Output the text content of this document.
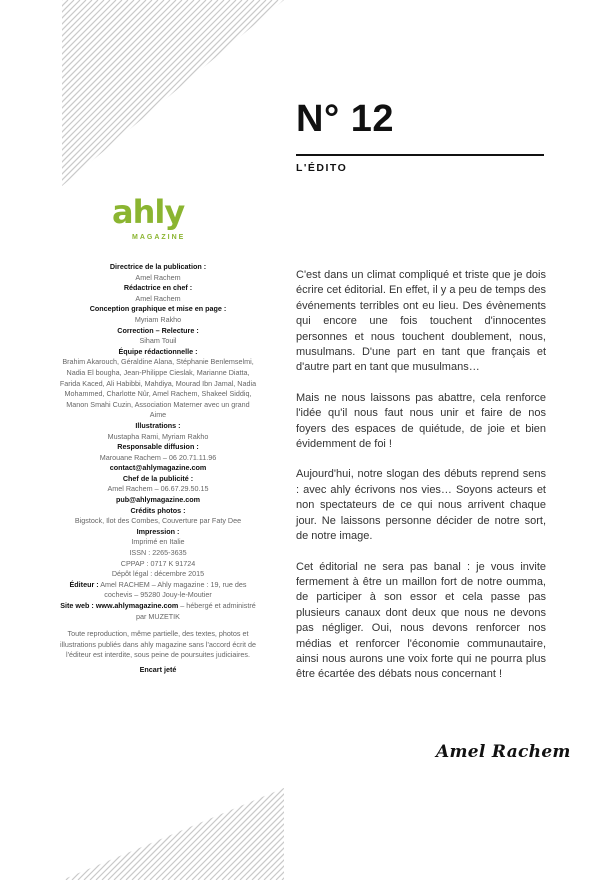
N° 12
L'ÉDITO
ahly
MAGAZINE
Directrice de la publication :
Amel Rachem
Rédactrice en chef :
Amel Rachem
Conception graphique et mise en page :
Myriam Rakho
Correction – Relecture :
Siham Touil
Équipe rédactionnelle :
Brahim Akarouch, Géraldine Alana, Stéphanie Benlemselmi, Nadia El bougha, Jean-Philippe Cieslak, Marianne Diatta, Farida Kaced, Ali Habibbi, Mahdiya, Mourad Ibn Jamal, Nadia Mohammed, Charlotte Nûr, Amel Rachem, Shakeel Siddiq, Manon Smahi Cuzin, Association Materner avec un grand Aime
Illustrations :
Mustapha Rami, Myriam Rakho
Responsable diffusion :
Marouane Rachem – 06 20.71.11.96
contact@ahlymagazine.com
Chef de la publicité :
Amel Rachem – 06.67.29.50.15
pub@ahlymagazine.com
Crédits photos :
Bigstock, Ilot des Combes, Couverture par Faty Dee
Impression :
Imprimé en Italie
ISSN : 2265-3635
CPPAP : 0717 K 91724
Dépôt légal : décembre 2015
Éditeur : Amel RACHEM – Ahly magazine : 19, rue des cochevis – 95280 Jouy-le-Moutier
Site web : www.ahlymagazine.com – hébergé et administré par MUZETIK
Toute reproduction, même partielle, des textes, photos et illustrations publiés dans ahly magazine sans l'accord écrit de l'éditeur est interdite, sous peine de poursuites judiciaires.
Encart jeté

C'est dans un climat compliqué et triste que je dois écrire cet éditorial. En effet, il y a peu de temps des événements terribles ont eu lieu. Des évènements qui encore une fois touchent d'innocentes personnes et nous touchent doublement, nous, musulmans. D'une part en tant que français et d'autre part en tant que musulmans…

Mais ne nous laissons pas abattre, cela renforce l'idée qu'il nous faut nous unir et faire de nos foyers des espaces de quiétude, de joie et bien évidemment de foi !

Aujourd'hui, notre slogan des débuts reprend sens : avec ahly écrivons nos vies… Soyons acteurs et non spectateurs de ce qui nous arrivent chaque jour. Ne laissons personne décider de notre sort, de notre image.

Cet éditorial ne sera pas banal : je vous invite fermement à être un maillon fort de notre oumma, de participer à son essor et cela passe pas plusieurs canaux dont deux que nous ne devons pas négliger. Oui, nous devons renforcer nos médias et renforcer l'économie communautaire, ainsi nous aurons une voix forte qui ne pourra plus être écartée des débats nous concernant !

Amel Rachem
